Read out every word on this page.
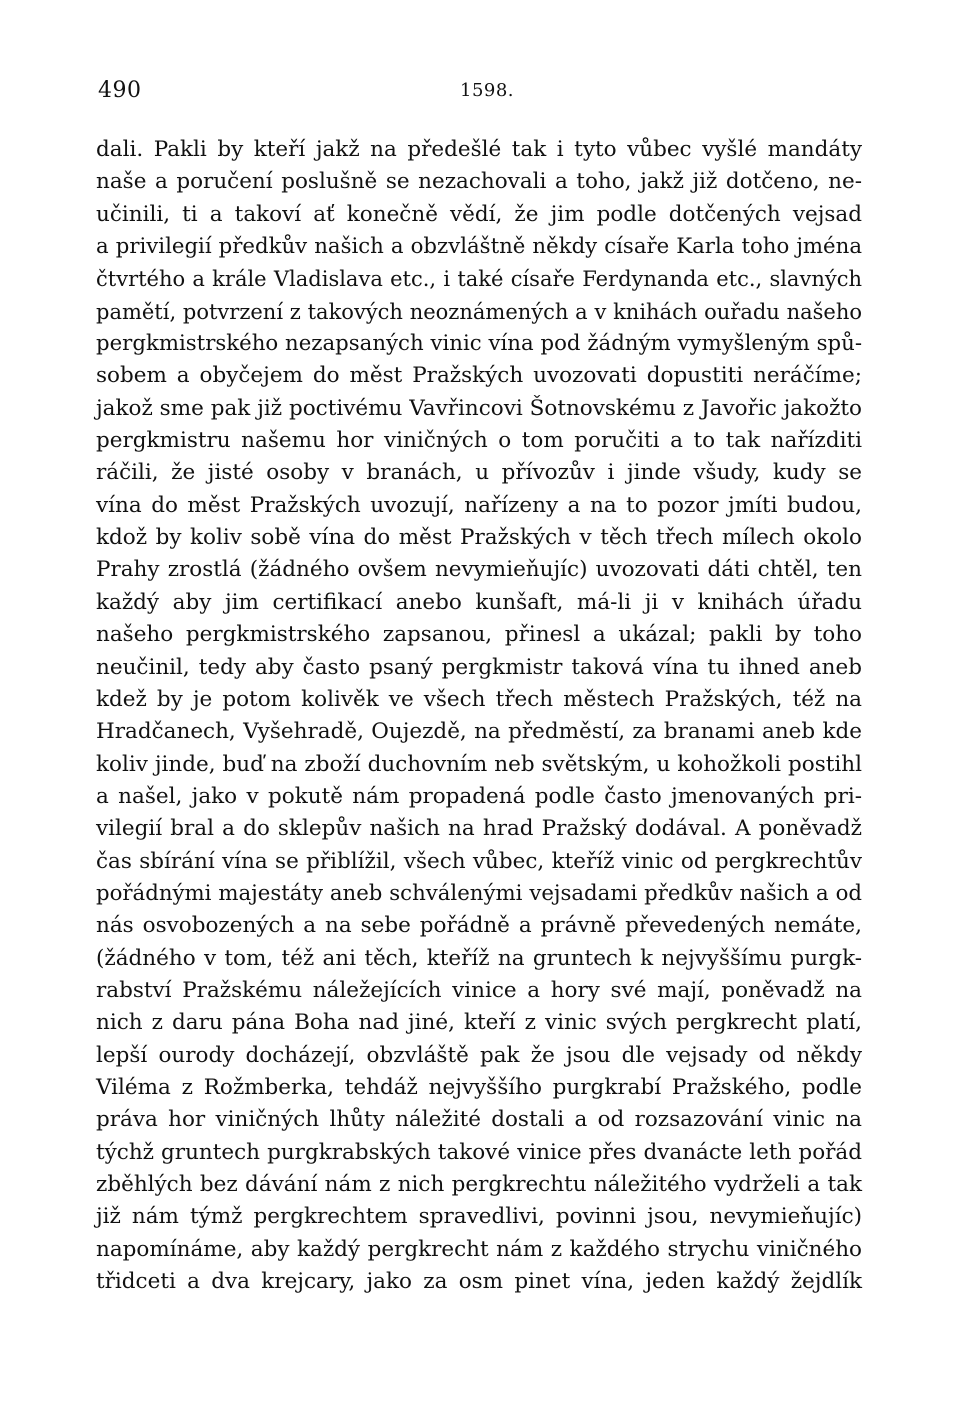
490	1598.
dali. Pakli by kteří jakž na předešlé tak i tyto vůbec vyšlé mandáty
naše a poručení poslušně se nezachovali a toho, jakž již dotčeno, ne-
učinili, ti a takoví ať konečně vědí, že jim podle dotčených vejsad
a privilegií předkův našich a obzvláštně někdy císaře Karla toho jména
čtvrtého a krále Vladislava etc., i také císaře Ferdynanda etc., slavných
pamětí, potvrzení z takových neoznámených a v knihách ouřadu našeho
pergkmistrského nezapsaných vinic vína pod žádným vymyšleným spů-
sobem a obyčejem do měst Pražských uvozovati dopustiti neráčíme;
jakož sme pak již poctivému Vavřincovi Šotnovskému z Javořic jakožto
pergkmistru našemu hor viničných o tom poručiti a to tak nařízditi
ráčili, že jisté osoby v branách, u přívozův i jinde všudy, kudy se
vína do měst Pražských uvozují, nařízeny a na to pozor jmíti budou,
kdož by koliv sobě vína do měst Pražských v těch třech mílech okolo
Prahy zrostlá (žádného ovšem nevymieňujíc) uvozovati dáti chtěl, ten
každý aby jim certifikací anebo kunšaft, má-li ji v knihách úřadu
našeho pergkmistrského zapsanou, přinesl a ukázal; pakli by toho
neučinil, tedy aby často psaný pergkmistr taková vína tu ihned aneb
kdež by je potom kolivěk ve všech třech městech Pražských, též na
Hradčanech, Vyšehradě, Oujezdě, na předměstí, za branami aneb kde
koliv jinde, buď na zboží duchovním neb světským, u kohožkoli postihl
a našel, jako v pokutě nám propadená podle často jmenovaných pri-
vilegií bral a do sklepův našich na hrad Pražský dodával. A poněvadž
čas sbírání vína se přiblížil, všech vůbec, kteříž vinic od pergkrechtův
pořádnými majestáty aneb schválenými vejsadami předkův našich a od
nás osvobozených a na sebe pořádně a právně převedených nemáte,
(žádného v tom, též ani těch, kteříž na gruntech k nejvyššímu purgk-
rabství Pražskému náležejících vinice a hory své mají, poněvadž na
nich z daru pána Boha nad jiné, kteří z vinic svých pergkrecht platí,
lepší ourody docházejí, obzvláště pak že jsou dle vejsady od někdy
Viléma z Rožmberka, tehdáž nejvyššího purgkrabí Pražského, podle
práva hor viničných lhůty náležité dostali a od rozsazování vinic na
týchž gruntech purgkrabských takové vinice přes dvanácte leth pořád
zběhlých bez dávání nám z nich pergkrechtu náležitého vydrželi a tak
již nám týmž pergkrechtem spravedlivi, povinni jsou, nevymieňujíc)
napomínáme, aby každý pergkrecht nám z každého strychu viničného
třidceti a dva krejcary, jako za osm pinet vína, jeden každý žejdlík
